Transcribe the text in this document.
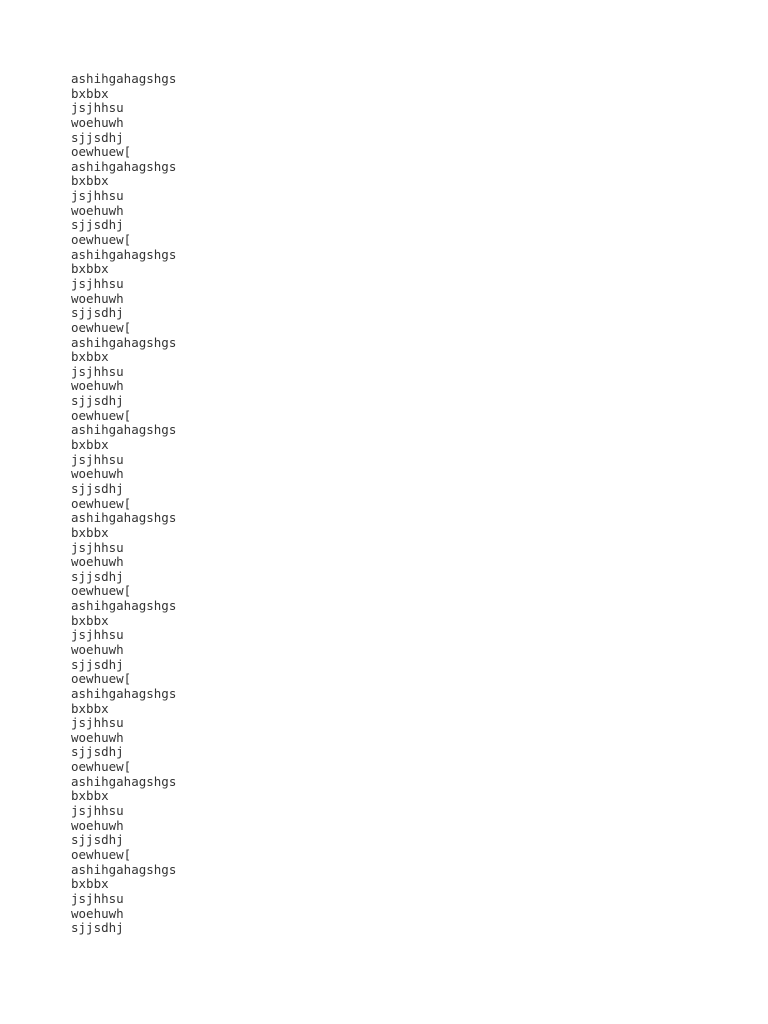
ashihgahagshgs
bxbbx
jsjhhsu
woehuwh
sjjsdhj
oewhuew[
ashihgahagshgs
bxbbx
jsjhhsu
woehuwh
sjjsdhj
oewhuew[
ashihgahagshgs
bxbbx
jsjhhsu
woehuwh
sjjsdhj
oewhuew[
ashihgahagshgs
bxbbx
jsjhhsu
woehuwh
sjjsdhj
oewhuew[
ashihgahagshgs
bxbbx
jsjhhsu
woehuwh
sjjsdhj
oewhuew[
ashihgahagshgs
bxbbx
jsjhhsu
woehuwh
sjjsdhj
oewhuew[
ashihgahagshgs
bxbbx
jsjhhsu
woehuwh
sjjsdhj
oewhuew[
ashihgahagshgs
bxbbx
jsjhhsu
woehuwh
sjjsdhj
oewhuew[
ashihgahagshgs
bxbbx
jsjhhsu
woehuwh
sjjsdhj
oewhuew[
ashihgahagshgs
bxbbx
jsjhhsu
woehuwh
sjjsdhj
